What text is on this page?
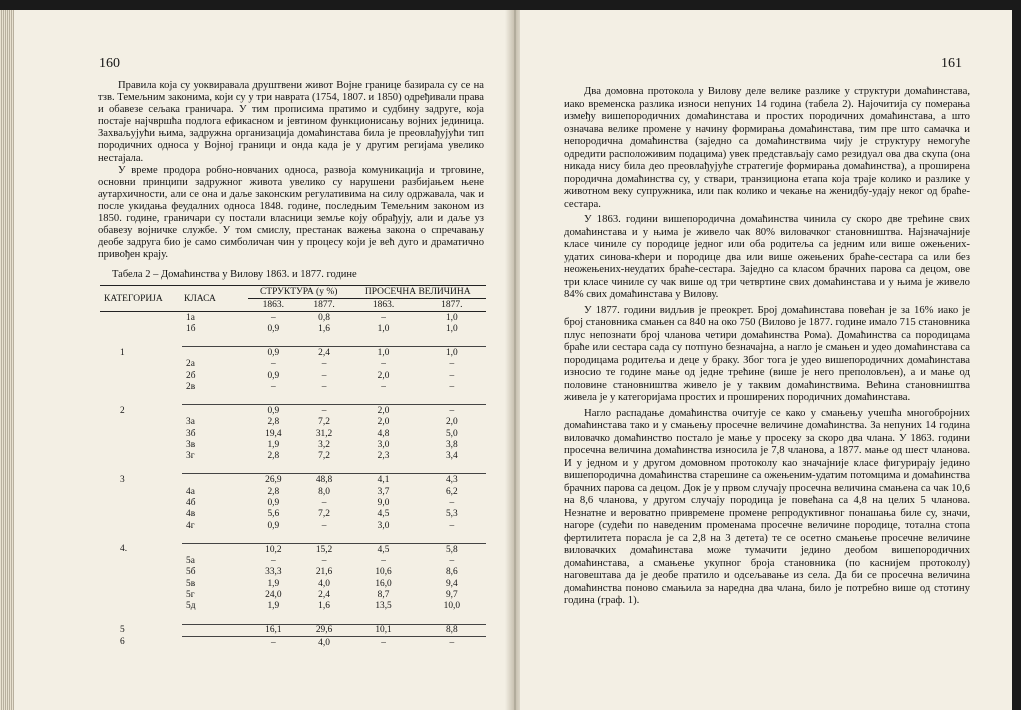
160

Правила која су уоквиравала друштвени живот Војне границе базирала су се на тзв. Темељним законима, који су у три наврата (1754, 1807. и 1850) одређивали права и обавезе сељака граничара. У тим прописима пратимо и судбину задруге, која постаје најчвршћа подлога ефикасном и јевтином функционисању војних јединица. Захваљујући њима, задружна организација домаћинстава била је преовлађујући тип породичних односа у Војној граници и онда када је у другим регијама увелико нестајала.

У време продора робно-новчаних односа, развоја комуникација и трговине, основни принципи задружног живота увелико су нарушени разбијањем њене аутархичности, али се она и даље законским регулативима на силу одржавала, чак и после укидања феудалних односа 1848. године, последњим Темељним законом из 1850. године, граничари су постали власници земље коју обрађују, али и даље уз обавезу војничке службе. У том смислу, престанак важења закона о спречавању деобе задруга био је само симболичан чин у процесу који је већ дуго и драматично привођен крају.

Табела 2 – Домаћинства у Вилову 1863. и 1877. године
КАТЕГОРИЈА	КЛАСА	СТРУКТУРА (у %)		ПРОСЕЧНА ВЕЛИЧИНА	
		1863.	1877.	1863.	1877.
	1а	–	0,8	–	1,0
	1б	0,9	1,6	1,0	1,0

1		0,9	2,4	1,0	1,0
	2а	–	–	–	–
	2б	0,9	–	2,0	–
	2в	–	–	–	–

2		0,9	–	2,0	–
	3а	2,8	7,2	2,0	2,0
	3б	19,4	31,2	4,8	5,0
	3в	1,9	3,2	3,0	3,8
	3г	2,8	7,2	2,3	3,4

3		26,9	48,8	4,1	4,3
	4а	2,8	8,0	3,7	6,2
	4б	0,9	–	9,0	–
	4в	5,6	7,2	4,5	5,3
	4г	0,9	–	3,0	–

4.		10,2	15,2	4,5	5,8
	5а	–	–	–	–
	5б	33,3	21,6	10,6	8,6
	5в	1,9	4,0	16,0	9,4
	5г	24,0	2,4	8,7	9,7
	5д	1,9	1,6	13,5	10,0

5		16,1	29,6	10,1	8,8
6		–	4,0	–	–
161

Два домовна протокола у Вилову деле велике разлике у структури домаћинстава, иако временска разлика износи непуних 14 година (табела 2). Најочитија су померања између вишепородичних домаћинстава и простих породичних домаћинстава, а што означава велике промене у начину формирања домаћинстава, тим пре што самачка и непородична домаћинства (заједно са домаћинствима чију је структуру немогуће одредити расположивим подацима) увек представљају само резидуал ова два скупа (она никада нису била део преовлађујуће стратегије формирања домаћинства), а проширена породична домаћинства су, у ствари, транзициона етапа која траје колико и разлике у животном веку супружника, или пак колико и чекање на женидбу-удају неког од браће-сестара.

У 1863. години вишепородична домаћинства чинила су скоро две трећине свих домаћинстава и у њима је живело чак 80% виловачког становништва. Најзначајније класе чиниле су породице једног или оба родитеља са једним или више ожењених-удатих синова-кћери и породице два или више ожењених браће-сестара са или без неожењених-неудатих браће-сестара. Заједно са класом брачних парова са децом, ове три класе чиниле су чак више од три четвртине свих домаћинстава и у њима је живело 84% свих домаћинстава у Вилову.

У 1877. години видљив је преокрет. Број домаћинстава повећан је за 16% иако је број становника смањен са 840 на око 750 (Вилово је 1877. године имало 715 становника плус непознати број чланова четири домаћинства Рома). Домаћинства са породицама браће или сестара сада су потпуно безначајна, а нагло је смањен и удео домаћинстава са породицама родитеља и деце у браку. Због тога је удео вишепородичних домаћинстава износио те године мање од једне трећине (више је него преполовљен), а и мање од половине становништва живело је у таквим домаћинствима. Већина становништва живела је у категоријама простих и проширених породичних домаћинстава.

Нагло распадање домаћинства очитује се како у смањењу учешћа многобројних домаћинстава тако и у смањењу просечне величине домаћинства. За непуних 14 година виловачко домаћинство постало је мање у просеку за скоро два члана. У 1863. години просечна величина домаћинства износила је 7,8 чланова, а 1877. мање од шест чланова. И у једном и у другом домовном протоколу као значајније класе фигурирају једино вишепородична домаћинства старешине са ожењеним-удатим потомцима и домаћинства брачних парова са децом. Док је у првом случају просечна величина смањена са чак 10,6 на 8,6 чланова, у другом случају породица је повећана са 4,8 на целих 5 чланова. Незнатне и вероватно привремене промене репродуктивног понашања биле су, значи, нагоре (судећи по наведеним променама просечне величине породице, тотална стопа фертилитета порасла је са 2,8 на 3 детета) те се осетно смањење просечне величине виловачких домаћинстава може тумачити једино деобом вишепородичних домаћинстава, а смањење укупног броја становника (по каснијем протоколу) наговештава да је деобе пратило и одсељавање из села. Да би се просечна величина домаћинства поново смањила за наредна два члана, било је потребно више од стотину година (граф. 1).
